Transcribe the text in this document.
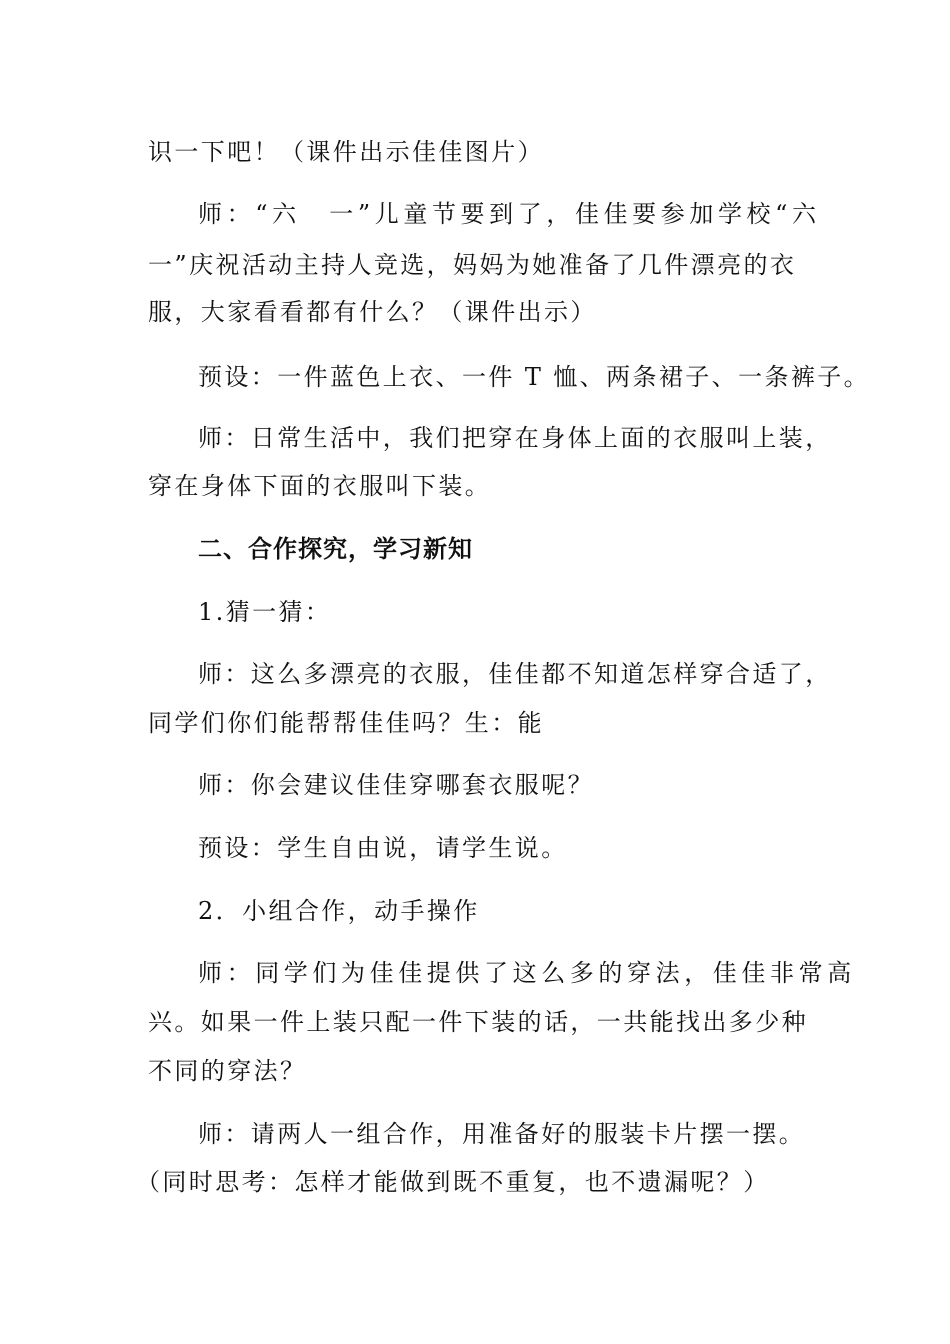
识一下吧！（课件出示佳佳图片）
师：“六　一”儿童节要到了，佳佳要参加学校“六
一”庆祝活动主持人竞选，妈妈为她准备了几件漂亮的衣
服，大家看看都有什么？（课件出示）
预设：一件蓝色上衣、一件 T 恤、两条裙子、一条裤子。
师：日常生活中，我们把穿在身体上面的衣服叫上装，
穿在身体下面的衣服叫下装。
二、合作探究，学习新知
1.猜一猜：
师：这么多漂亮的衣服，佳佳都不知道怎样穿合适了，
同学们你们能帮帮佳佳吗？生：能
师：你会建议佳佳穿哪套衣服呢？
预设：学生自由说，请学生说。
2．小组合作，动手操作
师：同学们为佳佳提供了这么多的穿法，佳佳非常高
兴。如果一件上装只配一件下装的话，一共能找出多少种
不同的穿法？
师：请两人一组合作，用准备好的服装卡片摆一摆。
（同时思考：怎样才能做到既不重复，也不遗漏呢？）
